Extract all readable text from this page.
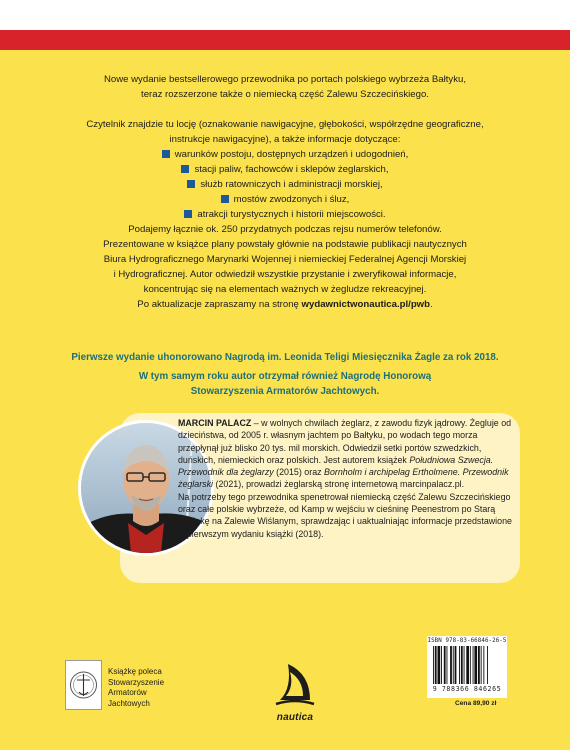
Nowe wydanie bestsellerowego przewodnika po portach polskiego wybrzeża Bałtyku,

teraz rozszerzone także o niemiecką część Zalewu Szczecińskiego.

Czytelnik znajdzie tu locję (oznakowanie nawigacyjne, głębokości, współrzędne geograficzne,

instrukcje nawigacyjne), a także informacje dotyczące:

warunków postoju, dostępnych urządzeń i udogodnień,

stacji paliw, fachowców i sklepów żeglarskich,

służb ratowniczych i administracji morskiej,

mostów zwodzonych i śluz,

atrakcji turystycznych i historii miejscowości.

Podajemy łącznie ok. 250 przydatnych podczas rejsu numerów telefonów.

Prezentowane w książce plany powstały głównie na podstawie publikacji nautycznych

Biura Hydrograficznego Marynarki Wojennej i niemieckiej Federalnej Agencji Morskiej

i Hydrograficznej. Autor odwiedził wszystkie przystanie i zweryfikował informacje,

koncentrując się na elementach ważnych w żegludze rekreacyjnej.

Po aktualizacje zapraszamy na stronę wydawnictwonautica.pl/pwb.

Pierwsze wydanie uhonorowano Nagrodą im. Leonida Teligi Miesięcznika Żagle za rok 2018.

W tym samym roku autor otrzymał również Nagrodę Honorową

Stowarzyszenia Armatorów Jachtowych.

MARCIN PALACZ – w wolnych chwilach żeglarz, z zawodu fizyk jądrowy. Żegluje od dzieciństwa, od 2005 r. własnym jachtem po Bałtyku, po wodach tego morza przepłynął już blisko 20 tys. mil morskich. Odwiedził setki portów szwedzkich, duńskich, niemieckich oraz polskich. Jest autorem książek Południowa Szwecja. Przewodnik dla żeglarzy (2015) oraz Bornholm i archipelag Ertholmene. Przewodnik żeglarski (2021), prowadzi żeglarską stronę internetową marcinpalacz.pl.

Na potrzeby tego przewodnika spenetrował niemiecką część Zalewu Szczecińskiego oraz całe polskie wybrzeże, od Kamp w wejściu w cieśninę Peenestrom po Starą Pasłękę na Zalewie Wiślanym, sprawdzając i uaktualniając informacje przedstawione w pierwszym wydaniu książki (2018).

ISBN 978-83-66846-26-5
9 788366 846265
Cena 89,90 zł

Książkę poleca

Stowarzyszenie

Armatorów

Jachtowych

nautica
